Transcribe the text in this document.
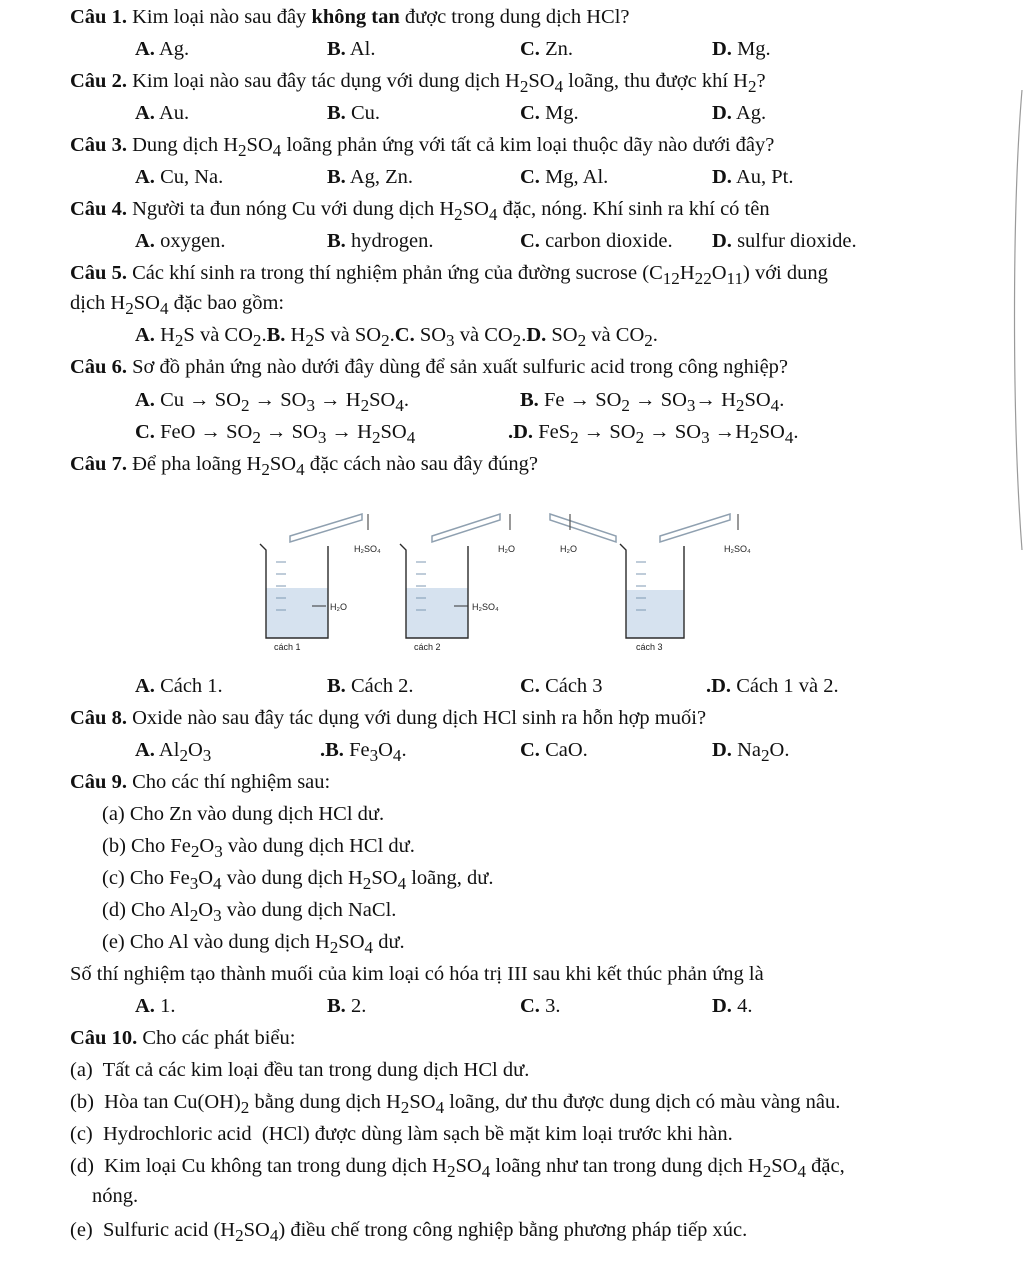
Câu 1. Kim loại nào sau đây không tan được trong dung dịch HCl?
A. Ag.	B. Al.	C. Zn.	D. Mg.
Câu 2. Kim loại nào sau đây tác dụng với dung dịch $H_2SO_4$ loãng, thu được khí $H_2$?
A. Au.	B. Cu.	C. Mg.	D. Ag.
Câu 3. Dung dịch $H_2SO_4$ loãng phản ứng với tất cả kim loại thuộc dãy nào dưới đây?
A. Cu, Na.	B. Ag, Zn.	C. Mg, Al.	D. Au, Pt.
Câu 4. Người ta đun nóng Cu với dung dịch $H_2SO_4$ đặc, nóng. Khí sinh ra khí có tên
A. oxygen.	B. hydrogen.	C. carbon dioxide. D. sulfur dioxide.
Câu 5. Các khí sinh ra trong thí nghiệm phản ứng của đường sucrose $(C_{12}H_{22}O_{11})$ với dung
dịch $H_2SO_4$ đặc bao gồm:
A. $H_2S$ và $CO_2.B$. $H_2S$ và $SO_2.C$. $SO_3$ và $CO_2.D$. $SO_2$ và $CO_2$.
Câu 6. Sơ đồ phản ứng nào dưới đây dùng để sản xuất sulfuric acid trong công nghiệp?
A. $Cu \to SO_2 \to SO_3 \to H_2SO_4$.	B. $Fe \to SO_2 \to SO_3\to H_2SO_4$.
C. FeO → $SO_2 \to SO_3 \to H_2SO_4$	.D. $FeS_2 \to SO_2 \to SO_3 \to H_2SO_4$.
Câu 7. Để pha loãng $H_2SO_4$ đặc cách nào sau đây đúng?
H₂SO₄
H₂O
cách 1
H₂O
H₂SO₄
cách 2
H₂O	H₂SO₄
cách 3
A. Cách 1.	B. Cách 2.	C. Cách 3	.D. Cách 1 và 2.
Câu 8. Oxide nào sau đây tác dụng với dung dịch HCl sinh ra hỗn hợp muối?
A. $Al_2O_3$	.B. $Fe_3O_4$.	C. CaO.	D. $Na_2O$.
Câu 9. Cho các thí nghiệm sau:
(a) Cho Zn vào dung dịch HCl dư.
(b) Cho $Fe_2O_3$ vào dung dịch HCl dư.
(c) Cho $Fe_3O_4$ vào dung dịch $H_2SO_4$ loãng, dư.
(d) Cho $Al_2O_3$ vào dung dịch NaCl.
(e) Cho Al vào dung dịch $H_2SO_4$ dư.
Số thí nghiệm tạo thành muối của kim loại có hóa trị III sau khi kết thúc phản ứng là
A. 1.	B. 2.	C. 3.	D. 4.
Câu 10. Cho các phát biểu:
(a)  Tất cả các kim loại đều tan trong dung dịch HCl dư.
(b)  Hòa $\tan Cu(OH)_2$ bằng dung dịch $H_2SO_4$ loãng, dư thu được dung dịch có màu vàng nâu.
(c)  Hydrochloric acid  (HCl) được dùng làm sạch bề mặt kim loại trước khi hàn.
(d)  Kim loại Cu không tan trong dung dịch $H_2SO_4$ loãng như tan trong dung dịch $H_2SO_4$ đặc,
nóng.
(e)  Sulfuric acid $(H_2SO_4)$ điều chế trong công nghiệp bằng phương pháp tiếp xúc.
